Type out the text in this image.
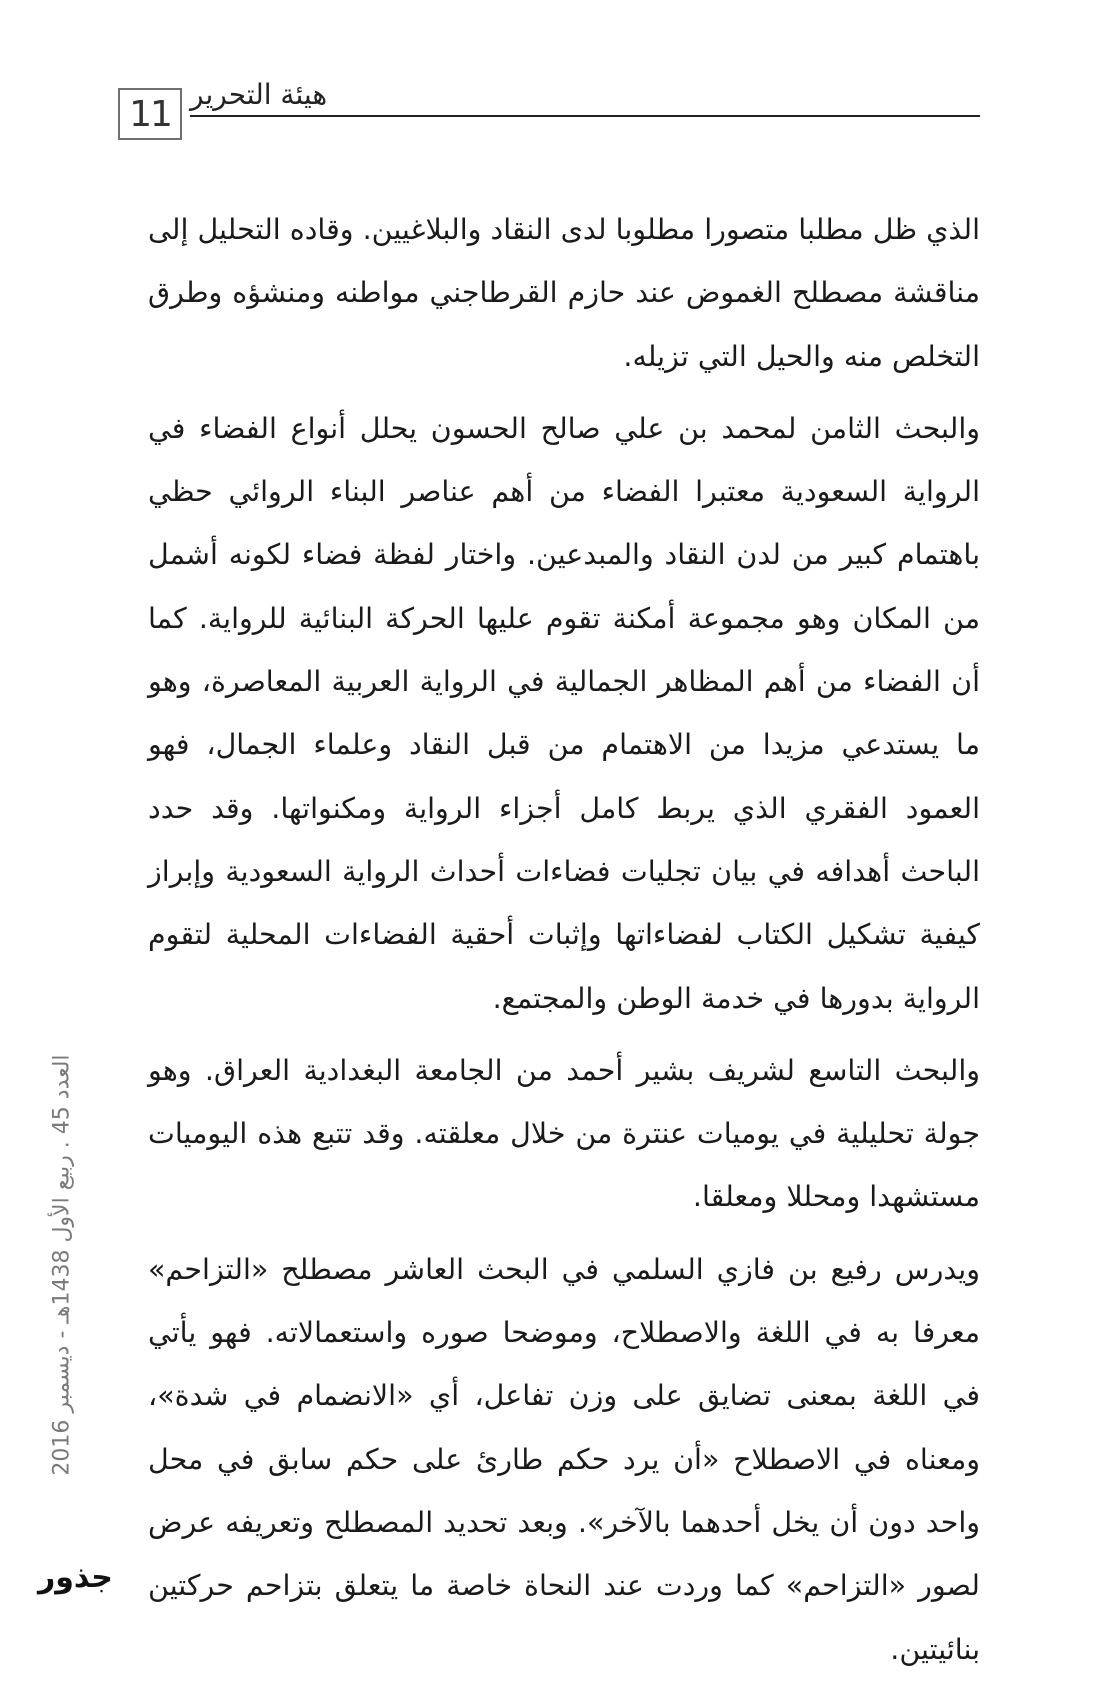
11 هيئة التحرير

الذي ظل مطلبا متصورا مطلوبا لدى النقاد والبلاغيين. وقاده التحليل إلى مناقشة مصطلح الغموض عند حازم القرطاجني مواطنه ومنشؤه وطرق التخلص منه والحيل التي تزيله.

والبحث الثامن لمحمد بن علي صالح الحسون يحلل أنواع الفضاء في الرواية السعودية معتبرا الفضاء من أهم عناصر البناء الروائي حظي باهتمام كبير من لدن النقاد والمبدعين. واختار لفظة فضاء لكونه أشمل من المكان وهو مجموعة أمكنة تقوم عليها الحركة البنائية للرواية. كما أن الفضاء من أهم المظاهر الجمالية في الرواية العربية المعاصرة، وهو ما يستدعي مزيدا من الاهتمام من قبل النقاد وعلماء الجمال، فهو العمود الفقري الذي يربط كامل أجزاء الرواية ومكنواتها. وقد حدد الباحث أهدافه في بيان تجليات فضاءات أحداث الرواية السعودية وإبراز كيفية تشكيل الكتاب لفضاءاتها وإثبات أحقية الفضاءات المحلية لتقوم الرواية بدورها في خدمة الوطن والمجتمع.

والبحث التاسع لشريف بشير أحمد من الجامعة البغدادية العراق. وهو جولة تحليلية في يوميات عنترة من خلال معلقته. وقد تتبع هذه اليوميات مستشهدا ومحللا ومعلقا.

ويدرس رفيع بن فازي السلمي في البحث العاشر مصطلح «التزاحم» معرفا به في اللغة والاصطلاح، وموضحا صوره واستعمالاته. فهو يأتي في اللغة بمعنى تضايق على وزن تفاعل، أي «الانضمام في شدة»، ومعناه في الاصطلاح «أن يرد حكم طارئ على حكم سابق في محل واحد دون أن يخل أحدهما بالآخر». وبعد تحديد المصطلح وتعريفه عرض لصور «التزاحم» كما وردت عند النحاة خاصة ما يتعلق بتزاحم حركتين بنائيتين.

العدد 45 . ربيع الأول 1438هـ - ديسمبر 2016
جذور
